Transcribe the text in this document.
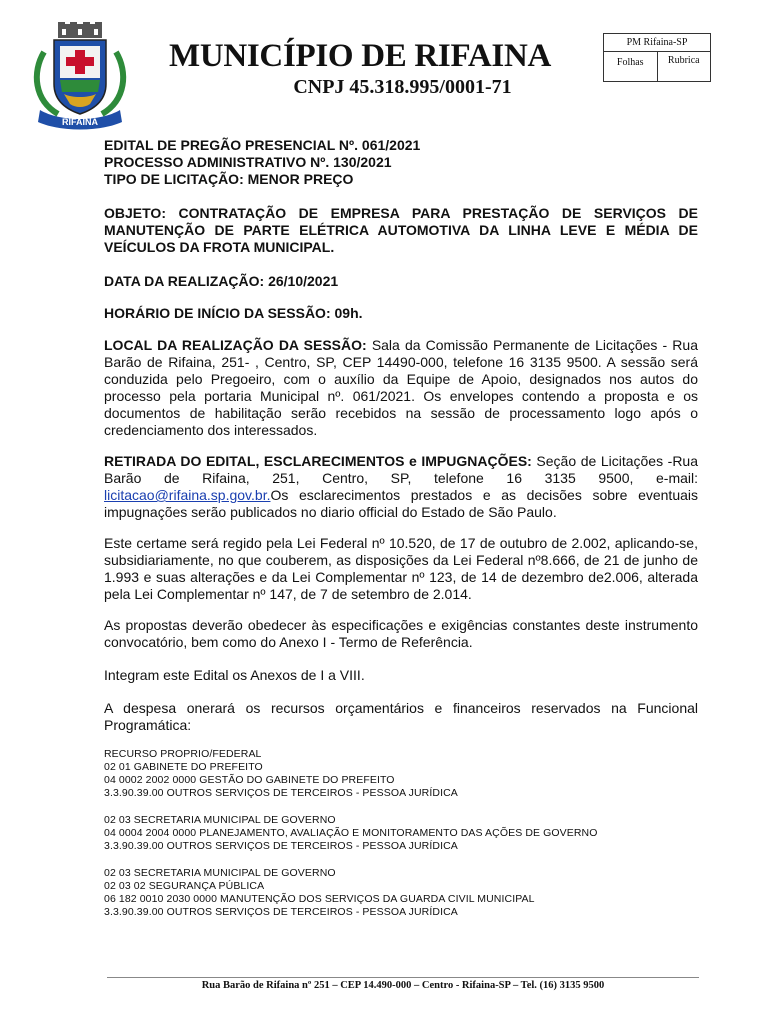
RIFAINA
MUNICÍPIO DE RIFAINA
CNPJ 45.318.995/0001-71
PM Rifaina-SP
Folhas	Rubrica
EDITAL DE PREGÃO PRESENCIAL Nº. 061/2021
PROCESSO ADMINISTRATIVO Nº. 130/2021
TIPO DE LICITAÇÃO: MENOR PREÇO
OBJETO: CONTRATAÇÃO DE EMPRESA PARA PRESTAÇÃO DE SERVIÇOS DE MANUTENÇÃO DE PARTE ELÉTRICA AUTOMOTIVA DA LINHA LEVE E MÉDIA DE VEÍCULOS DA FROTA MUNICIPAL.
DATA DA REALIZAÇÃO: 26/10/2021
HORÁRIO DE INÍCIO DA SESSÃO: 09h.
LOCAL DA REALIZAÇÃO DA SESSÃO: Sala da Comissão Permanente de Licitações - Rua Barão de Rifaina, 251- , Centro, SP, CEP 14490-000, telefone 16 3135 9500. A sessão será conduzida pelo Pregoeiro, com o auxílio da Equipe de Apoio, designados nos autos do processo pela portaria Municipal nº. 061/2021. Os envelopes contendo a proposta e os documentos de habilitação serão recebidos na sessão de processamento logo após o credenciamento dos interessados.
RETIRADA DO EDITAL, ESCLARECIMENTOS e IMPUGNAÇÕES: Seção de Licitações -Rua Barão de Rifaina, 251, Centro, SP, telefone 16 3135 9500, e-mail: licitacao@rifaina.sp.gov.br.Os esclarecimentos prestados e as decisões sobre eventuais impugnações serão publicados no diario official do Estado de São Paulo.
Este certame será regido pela Lei Federal nº 10.520, de 17 de outubro de 2.002, aplicando-se, subsidiariamente, no que couberem, as disposições da Lei Federal nº8.666, de 21 de junho de 1.993 e suas alterações e da Lei Complementar nº 123, de 14 de dezembro de2.006, alterada pela Lei Complementar nº 147, de 7 de setembro de 2.014.
As propostas deverão obedecer às especificações e exigências constantes deste instrumento convocatório, bem como do Anexo I - Termo de Referência.
Integram este Edital os Anexos de I a VIII.
A despesa onerará os recursos orçamentários e financeiros reservados na Funcional Programática:
RECURSO PROPRIO/FEDERAL
02 01 GABINETE DO PREFEITO
04 0002 2002 0000 GESTÃO DO GABINETE DO PREFEITO
3.3.90.39.00 OUTROS SERVIÇOS DE TERCEIROS - PESSOA JURÍDICA
02 03 SECRETARIA MUNICIPAL DE GOVERNO
04 0004 2004 0000 PLANEJAMENTO, AVALIAÇÃO E MONITORAMENTO DAS AÇÕES DE GOVERNO
3.3.90.39.00 OUTROS SERVIÇOS DE TERCEIROS - PESSOA JURÍDICA
02 03 SECRETARIA MUNICIPAL DE GOVERNO
02 03 02 SEGURANÇA PÚBLICA
06 182 0010 2030 0000 MANUTENÇÃO DOS SERVIÇOS DA GUARDA CIVIL MUNICIPAL
3.3.90.39.00 OUTROS SERVIÇOS DE TERCEIROS - PESSOA JURÍDICA
Rua Barão de Rifaina nº 251 – CEP 14.490-000 – Centro - Rifaina-SP – Tel. (16) 3135 9500
